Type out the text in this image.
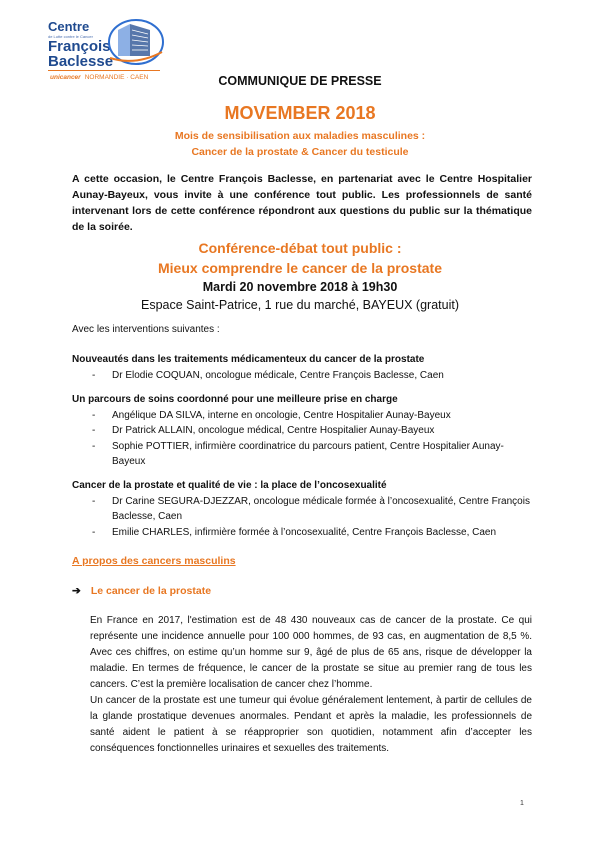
Centre
de Lutte contre le Cancer
François
Baclesse
unicancer NORMANDIE · CAEN	COMMUNIQUE DE PRESSE
MOVEMBER 2018
Mois de sensibilisation aux maladies masculines :
Cancer de la prostate & Cancer du testicule
A cette occasion, le Centre François Baclesse, en partenariat avec le Centre Hospitalier Aunay-Bayeux, vous invite à une conférence tout public. Les professionnels de santé intervenant lors de cette conférence répondront aux questions du public sur la thématique de la soirée.
Conférence-débat tout public :
Mieux comprendre le cancer de la prostate
Mardi 20 novembre 2018 à 19h30
Espace Saint-Patrice, 1 rue du marché, BAYEUX (gratuit)

Avec les interventions suivantes :

Nouveautés dans les traitements médicamenteux du cancer de la prostate

- Dr Elodie COQUAN, oncologue médicale, Centre François Baclesse, Caen

Un parcours de soins coordonné pour une meilleure prise en charge

- Angélique DA SILVA, interne en oncologie, Centre Hospitalier Aunay-Bayeux
- Dr Patrick ALLAIN, oncologue médical, Centre Hospitalier Aunay-Bayeux
- Sophie POTTIER, infirmière coordinatrice du parcours patient, Centre Hospitalier Aunay-Bayeux

Cancer de la prostate et qualité de vie : la place de l’oncosexualité

- Dr Carine SEGURA-DJEZZAR, oncologue médicale formée à l’oncosexualité, Centre François Baclesse, Caen
- Emilie CHARLES, infirmière formée à l’oncosexualité, Centre François Baclesse, Caen
A propos des cancers masculins
➔ Le cancer de la prostate

En France en 2017, l'estimation est de 48 430 nouveaux cas de cancer de la prostate. Ce qui représente une incidence annuelle pour 100 000 hommes, de 93 cas, en augmentation de 8,5 %. Avec ces chiffres, on estime qu’un homme sur 9, âgé de plus de 65 ans, risque de développer la maladie. En termes de fréquence, le cancer de la prostate se situe au premier rang de tous les cancers. C’est la première localisation de cancer chez l’homme.

Un cancer de la prostate est une tumeur qui évolue généralement lentement, à partir de cellules de la glande prostatique devenues anormales. Pendant et après la maladie, les professionnels de santé aident le patient à se réapproprier son quotidien, notamment afin d’accepter les conséquences fonctionnelles urinaires et sexuelles des traitements.

1
